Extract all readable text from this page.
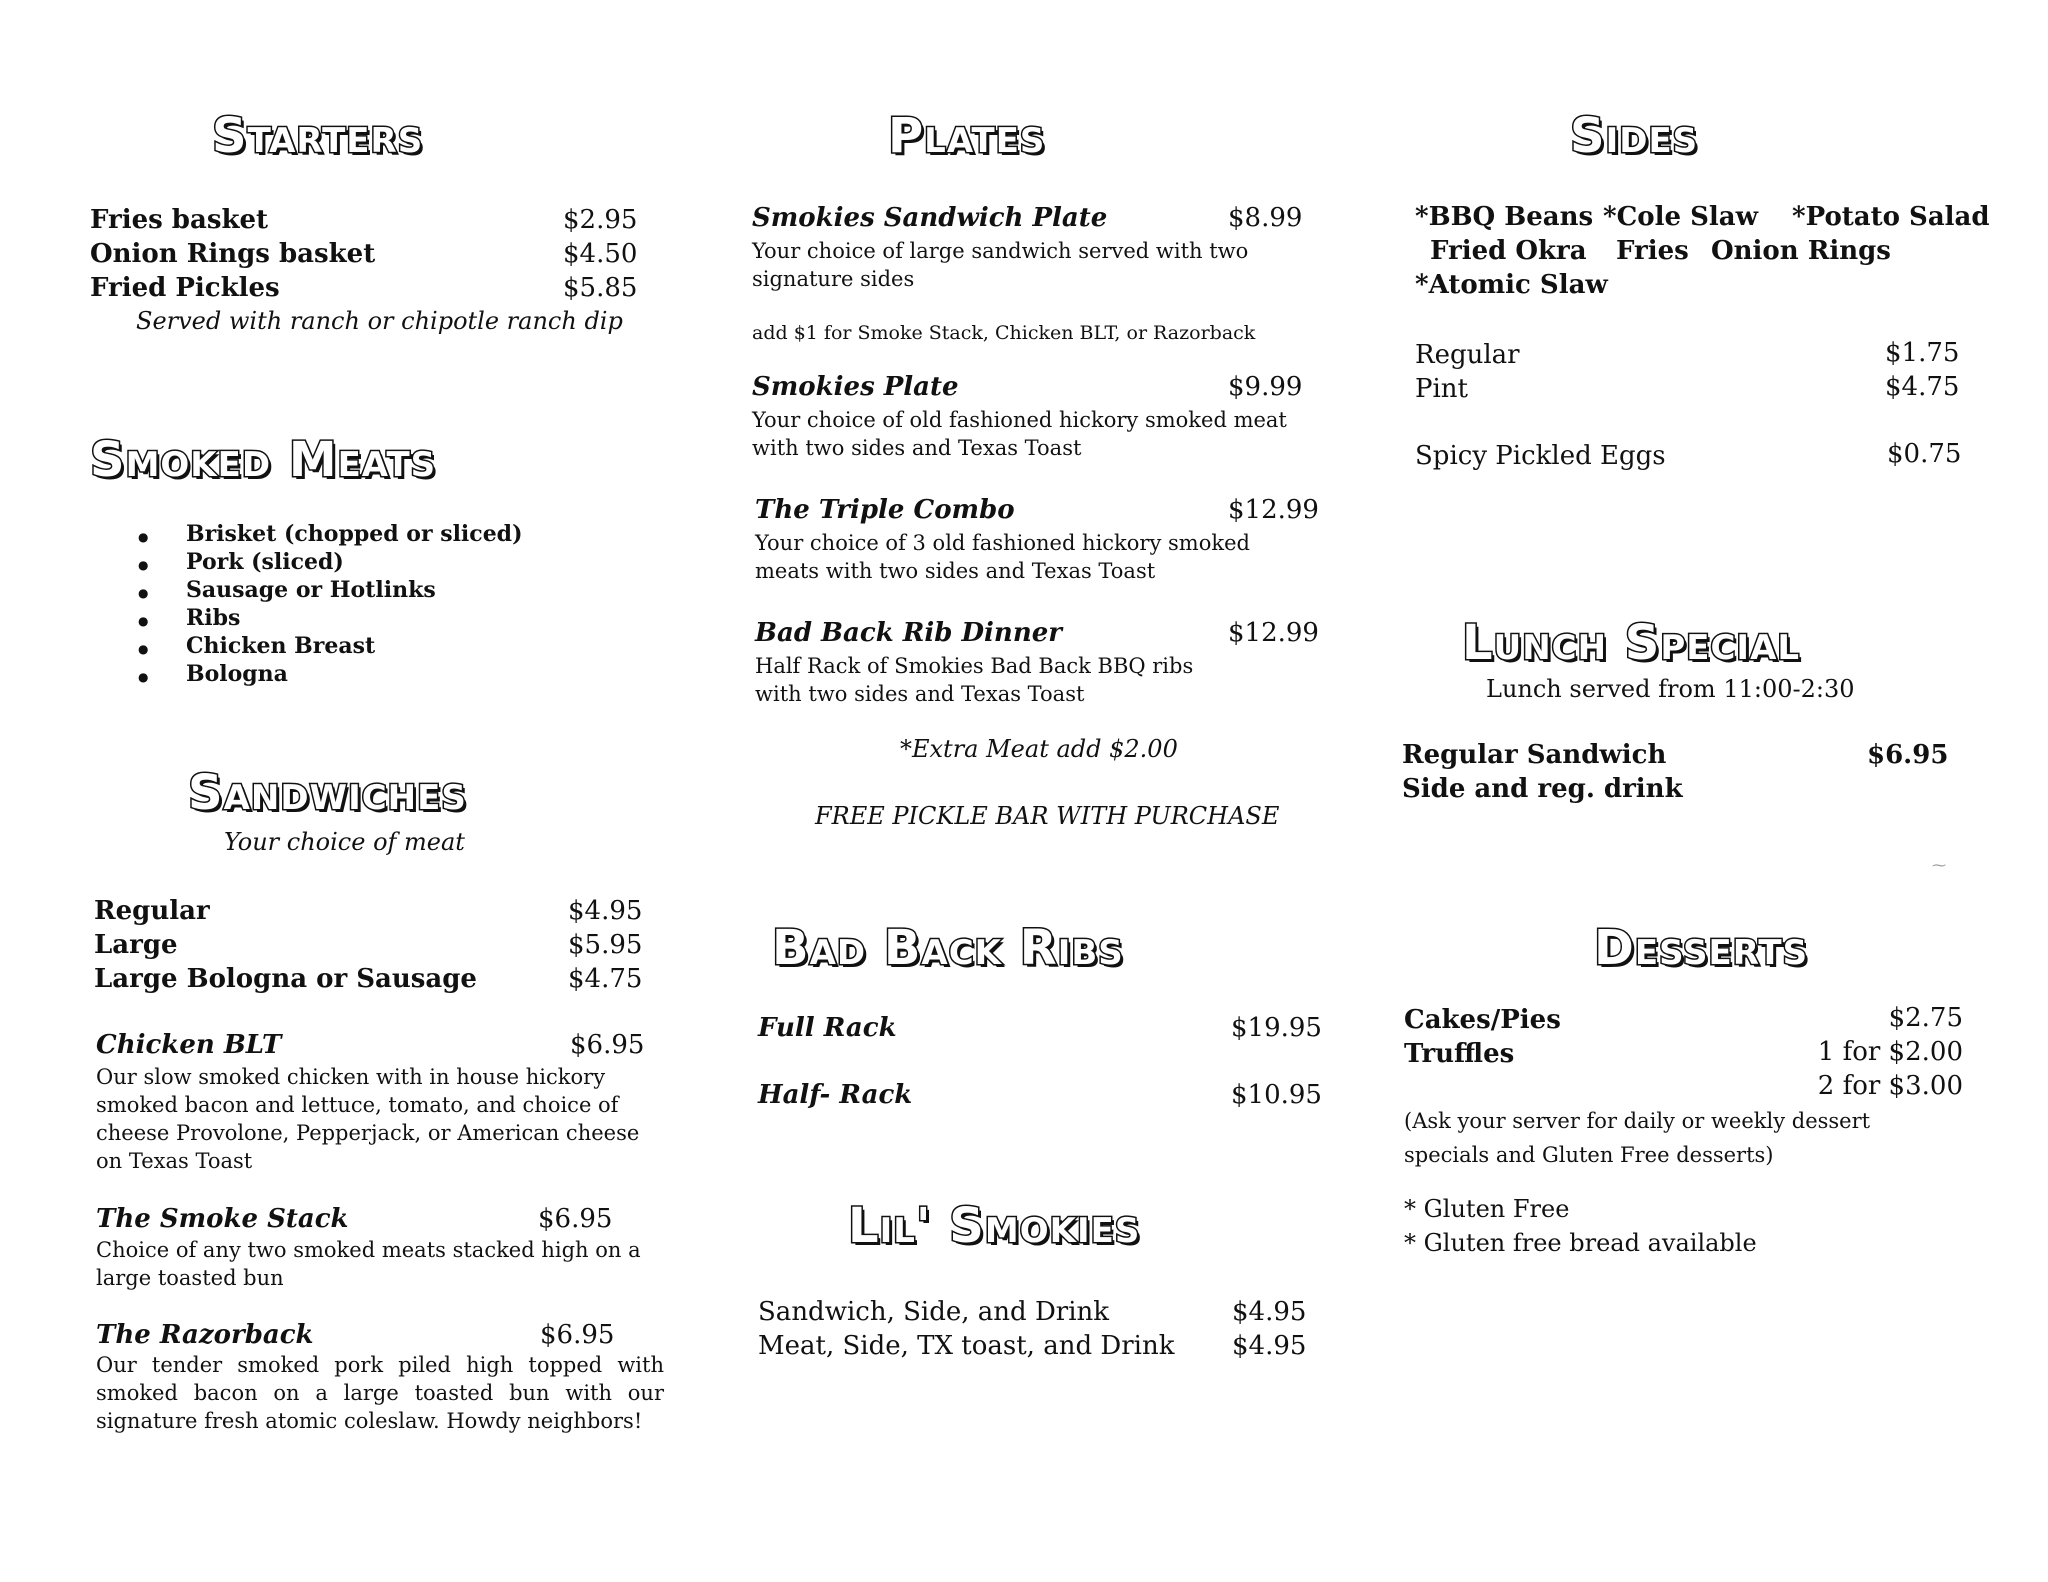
Starters
Fries basket	$2.95
Onion Rings basket	$4.50
Fried Pickles	$5.85
Served with ranch or chipotle ranch dip
Smoked Meats
● Brisket (chopped or sliced)
● Pork (sliced)
● Sausage or Hotlinks
● Ribs
● Chicken Breast
● Bologna
Sandwiches
Your choice of meat
Regular	$4.95
Large	$5.95
Large Bologna or Sausage	$4.75
Chicken BLT	$6.95
Our slow smoked chicken with in house hickory smoked bacon and lettuce, tomato, and choice of cheese Provolone, Pepperjack, or American cheese on Texas Toast
The Smoke Stack	$6.95
Choice of any two smoked meats stacked high on a large toasted bun
The Razorback	$6.95
Our tender smoked pork piled high topped with smoked bacon on a large toasted bun with our signature fresh atomic coleslaw. Howdy neighbors!
Plates
Smokies Sandwich Plate	$8.99
Your choice of large sandwich served with two signature sides
add $1 for Smoke Stack, Chicken BLT, or Razorback
Smokies Plate	$9.99
Your choice of old fashioned hickory smoked meat with two sides and Texas Toast
The Triple Combo	$12.99
Your choice of 3 old fashioned hickory smoked meats with two sides and Texas Toast
Bad Back Rib Dinner	$12.99
Half Rack of Smokies Bad Back BBQ ribs with two sides and Texas Toast
*Extra Meat add $2.00
FREE PICKLE BAR WITH PURCHASE
Bad Back Ribs
Full Rack	$19.95
Half- Rack	$10.95
Lil' Smokies
Sandwich, Side, and Drink	$4.95
Meat, Side, TX toast, and Drink $4.95
Sides
*BBQ Beans *Cole Slaw *Potato Salad
Fried Okra Fries Onion Rings
*Atomic Slaw
Regular	$1.75
Pint	$4.75
Spicy Pickled Eggs	$0.75
Lunch Special
Lunch served from 11:00-2:30
Regular Sandwich	$6.95
Side and reg. drink
⁓
Desserts
Cakes/Pies	$2.75
Truffles	1 for $2.00
2 for $3.00
(Ask your server for daily or weekly dessert specials and Gluten Free desserts)
* Gluten Free
* Gluten free bread available
